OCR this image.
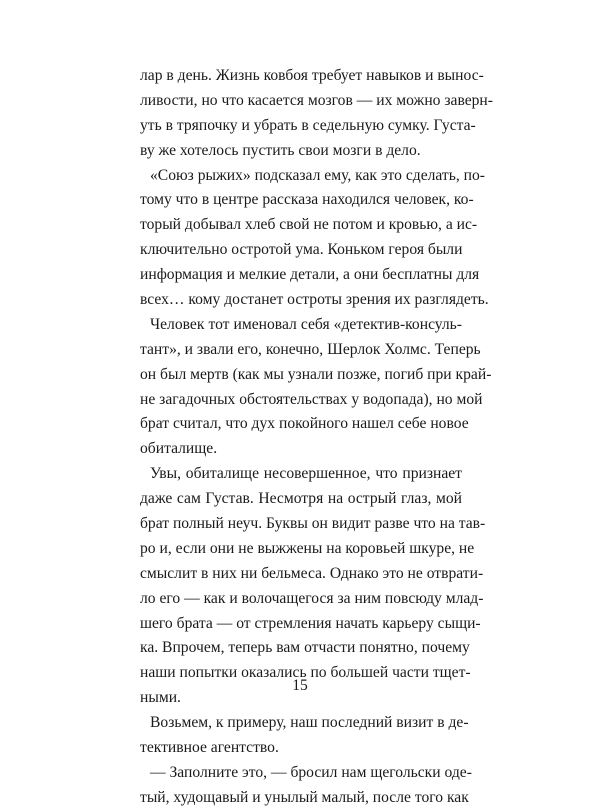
лар в день. Жизнь ковбоя требует навыков и вынос-
ливости, но что касается мозгов — их можно заверн-
уть в тряпочку и убрать в седельную сумку. Густа-
ву же хотелось пустить свои мозги в дело.
«Союз рыжих» подсказал ему, как это сделать, по-
тому что в центре рассказа находился человек, ко-
торый добывал хлеб свой не потом и кровью, а ис-
ключительно остротой ума. Коньком героя были
информация и мелкие детали, а они бесплатны для
всех… кому достанет остроты зрения их разглядеть.
Человек тот именовал себя «детектив-консуль-
тант», и звали его, конечно, Шерлок Холмс. Теперь
он был мертв (как мы узнали позже, погиб при край-
не загадочных обстоятельствах у водопада), но мой
брат считал, что дух покойного нашел себе новое
обиталище.
Увы, обиталище несовершенное, что признает
даже сам Густав. Несмотря на острый глаз, мой
брат полный неуч. Буквы он видит разве что на тав-
ро и, если они не выжжены на коровьей шкуре, не
смыслит в них ни бельмеса. Однако это не отврати-
ло его — как и волочащегося за ним повсюду млад-
шего брата — от стремления начать карьеру сыщи-
ка. Впрочем, теперь вам отчасти понятно, почему
наши попытки оказались по большей части тщет-
ными.
Возьмем, к примеру, наш последний визит в де-
тективное агентство.
— Заполните это, — бросил нам щегольски оде-
тый, худощавый и унылый малый, после того как
15
